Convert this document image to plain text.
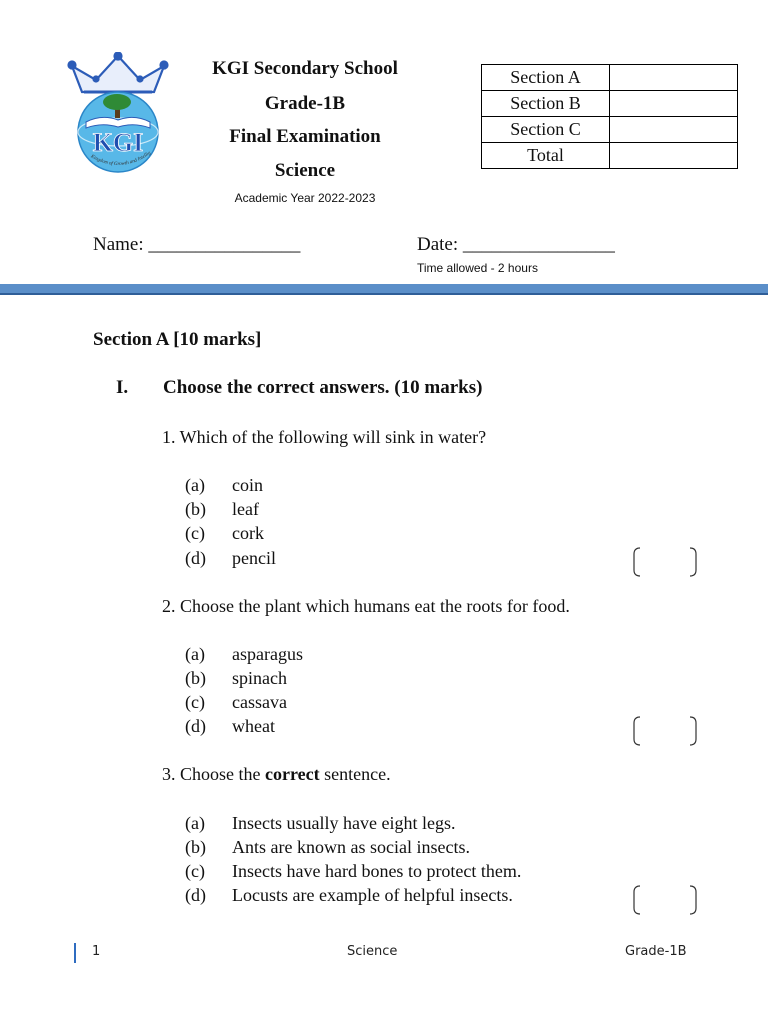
KGI
Kingdom of Growth and Intellig
KGI Secondary School
Grade-1B
Final Examination
Science
Academic Year 2022-2023
Section A	
Section B	
Section C	
Total	
Name: ________________	Date: ________________
Time allowed - 2 hours
Section A [10 marks]
I. Choose the correct answers. (10 marks)
1. Which of the following will sink in water?
(a) coin
(b) leaf
(c) cork
(d) pencil
2. Choose the plant which humans eat the roots for food.
(a) asparagus
(b) spinach
(c) cassava
(d) wheat
3. Choose the correct sentence.
(a) Insects usually have eight legs.
(b) Ants are known as social insects.
(c) Insects have hard bones to protect them.
(d) Locusts are example of helpful insects.
1	Science	Grade-1B
